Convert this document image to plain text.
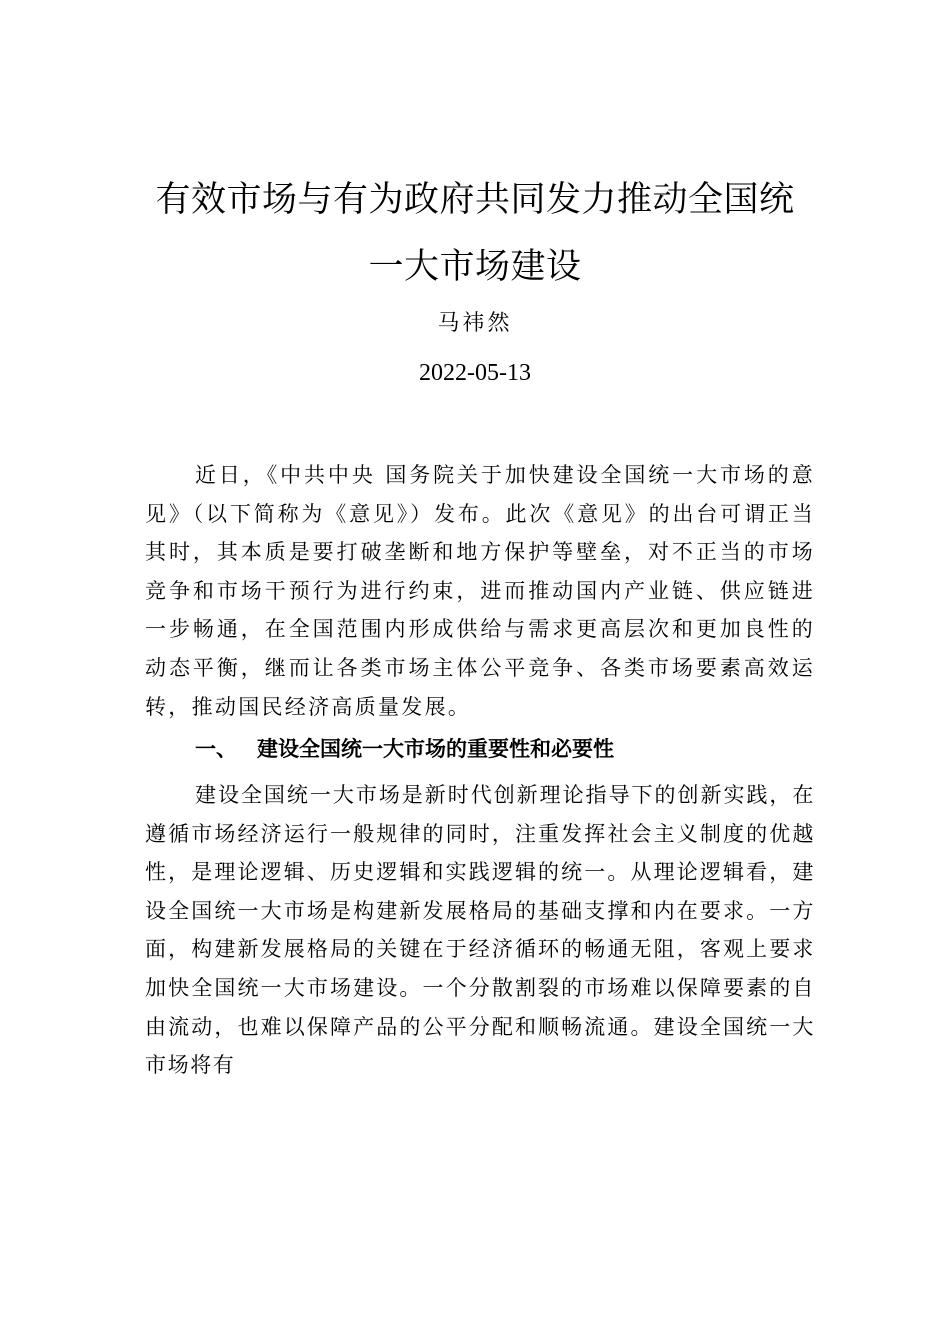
有效市场与有为政府共同发力推动全国统
一大市场建设
马祎然
2022-05-13

近日，《中共中央 国务院关于加快建设全国统一大市场的意见》（以下简称为《意见》）发布。此次《意见》的出台可谓正当其时，其本质是要打破垄断和地方保护等壁垒，对不正当的市场竞争和市场干预行为进行约束，进而推动国内产业链、供应链进一步畅通，在全国范围内形成供给与需求更高层次和更加良性的动态平衡，继而让各类市场主体公平竞争、各类市场要素高效运转，推动国民经济高质量发展。

一、 建设全国统一大市场的重要性和必要性

建设全国统一大市场是新时代创新理论指导下的创新实践，在遵循市场经济运行一般规律的同时，注重发挥社会主义制度的优越性，是理论逻辑、历史逻辑和实践逻辑的统一。从理论逻辑看，建设全国统一大市场是构建新发展格局的基础支撑和内在要求。一方面，构建新发展格局的关键在于经济循环的畅通无阻，客观上要求加快全国统一大市场建设。一个分散割裂的市场难以保障要素的自由流动，也难以保障产品的公平分配和顺畅流通。建设全国统一大市场将有
